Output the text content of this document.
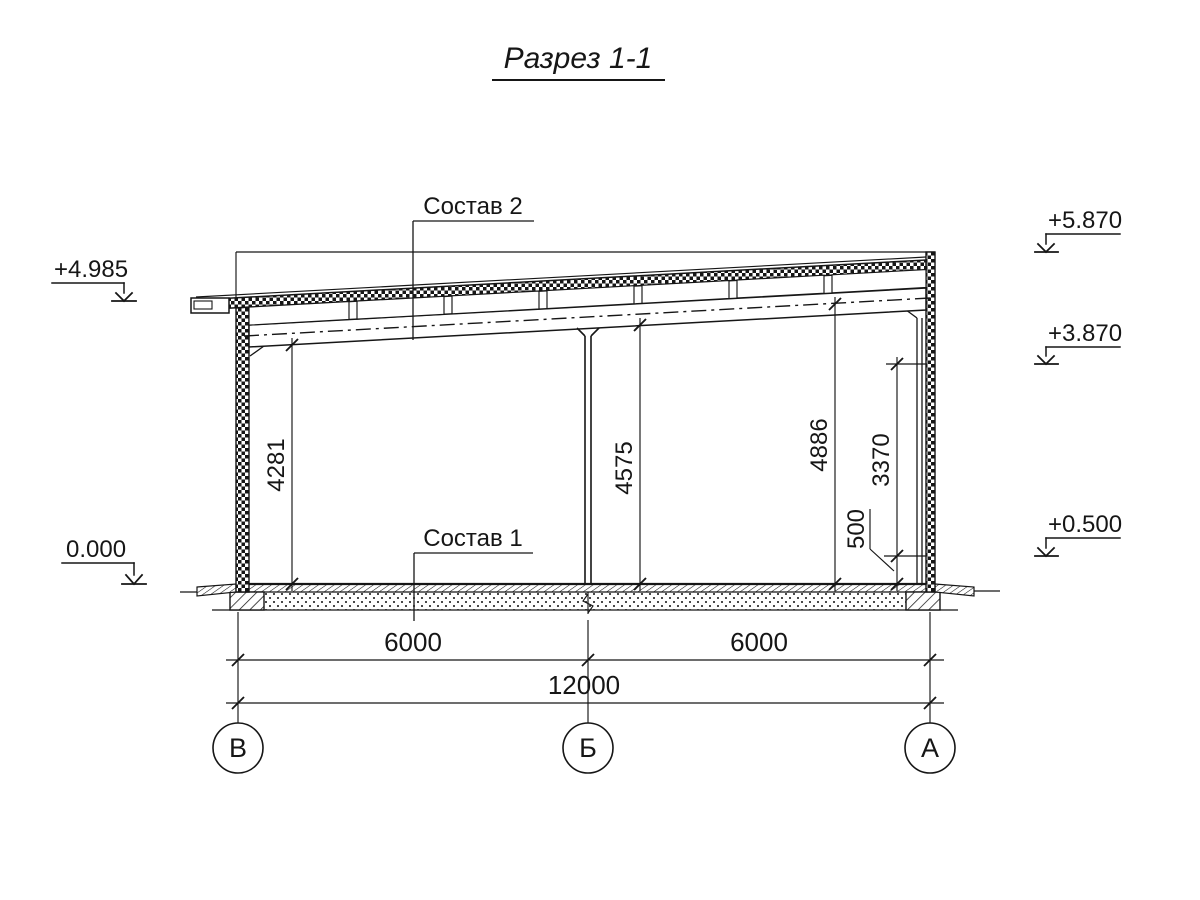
Разрез 1-1
4281	4575	4886 3370
500
6000	6000
12000
В	Б	А
+4.985
0.000
+5.870
+3.870
+0.500
Состав 2
Состав 1
